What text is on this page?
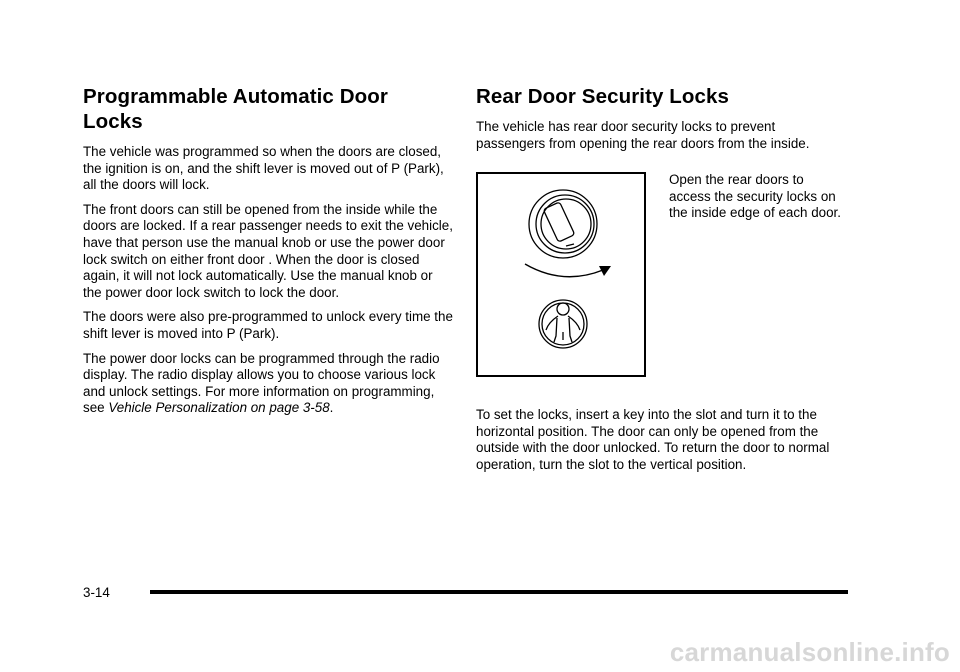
Programmable Automatic Door Locks

The vehicle was programmed so when the doors are closed, the ignition is on, and the shift lever is moved out of P (Park), all the doors will lock.

The front doors can still be opened from the inside while the doors are locked. If a rear passenger needs to exit the vehicle, have that person use the manual knob or use the power door lock switch on either front door . When the door is closed again, it will not lock automatically. Use the manual knob or the power door lock switch to lock the door.

The doors were also pre-programmed to unlock every time the shift lever is moved into P (Park).

The power door locks can be programmed through the radio display. The radio display allows you to choose various lock and unlock settings. For more information on programming, see Vehicle Personalization on page 3-58.

Rear Door Security Locks

The vehicle has rear door security locks to prevent passengers from opening the rear doors from the inside.

Open the rear doors to access the security locks on the inside edge of each door.

To set the locks, insert a key into the slot and turn it to the horizontal position. The door can only be opened from the outside with the door unlocked. To return the door to normal operation, turn the slot to the vertical position.

3-14
carmanualsonline.info
